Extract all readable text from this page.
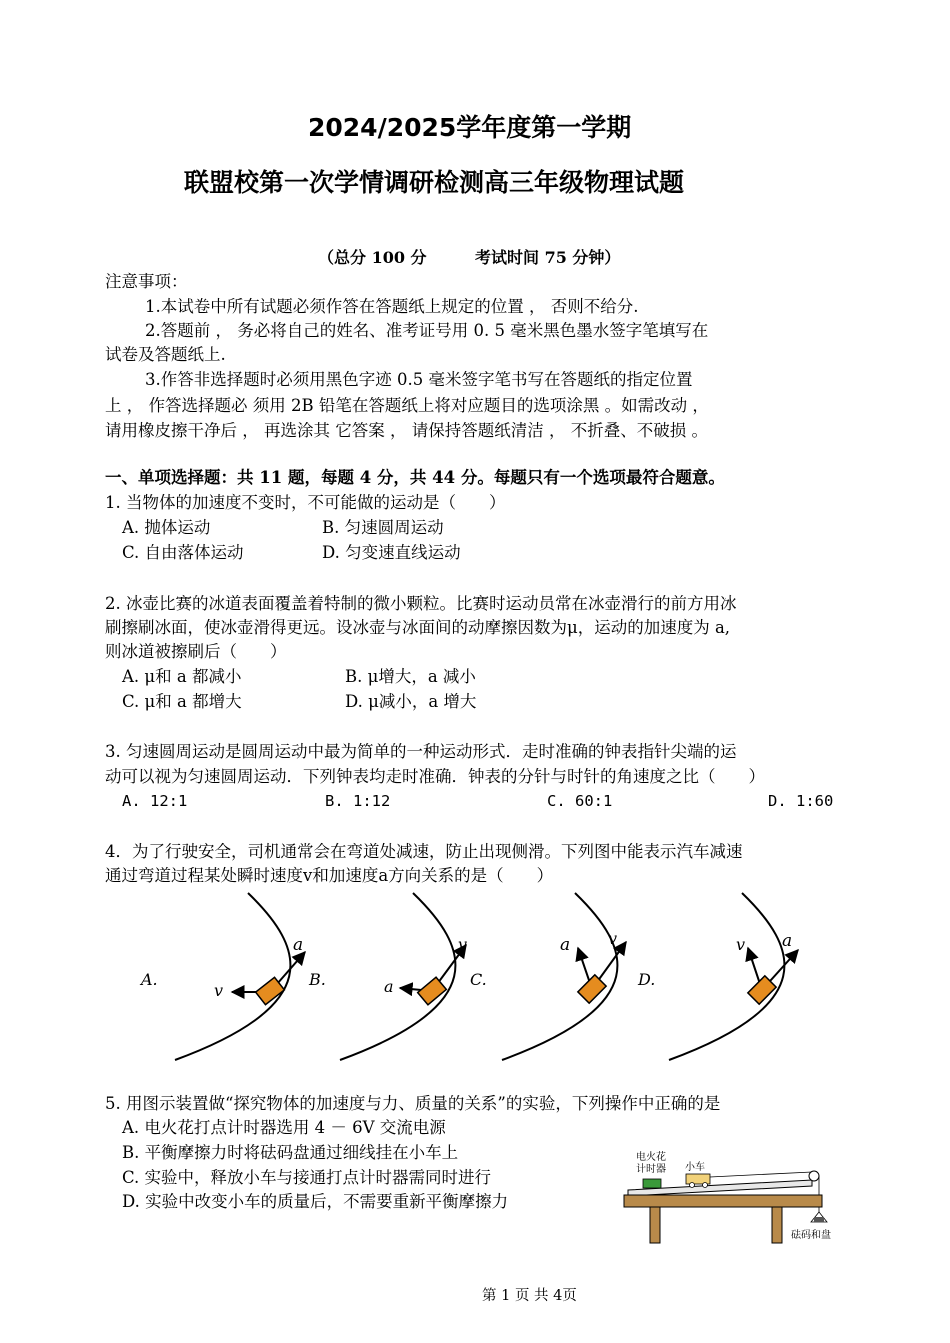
2024/2025学年度第一学期
联盟校第一次学情调研检测高三年级物理试题
（总分 100 分	考试时间 75 分钟）
注意事项：
1.本试卷中所有试题必须作答在答题纸上规定的位置 ， 否则不给分.
2.答题前 ， 务必将自己的姓名、准考证号用 0. 5 毫米黑色墨水签字笔填写在
试卷及答题纸上.
3.作答非选择题时必须用黑色字迹 0.5 毫米签字笔书写在答题纸的指定位置
上 ， 作答选择题必 须用 2B 铅笔在答题纸上将对应题目的选项涂黑 。如需改动 ，
请用橡皮擦干净后 ， 再选涂其 它答案 ， 请保持答题纸清洁 ， 不折叠、不破损 。
一、单项选择题：共 11 题，每题 4 分，共 44 分。每题只有一个选项最符合题意。
1. 当物体的加速度不变时，不可能做的运动是（　　）
A. 抛体运动	B. 匀速圆周运动
C. 自由落体运动	D. 匀变速直线运动
2. 冰壶比赛的冰道表面覆盖着特制的微小颗粒。比赛时运动员常在冰壶滑行的前方用冰
刷擦刷冰面，使冰壶滑得更远。设冰壶与冰面间的动摩擦因数为μ，运动的加速度为 a,
则冰道被擦刷后（　　）
A. μ和 a 都减小	B. μ增大，a 减小
C. μ和 a 都增大	D. μ减小，a 增大
3. 匀速圆周运动是圆周运动中最为简单的一种运动形式．走时准确的钟表指针尖端的运
动可以视为匀速圆周运动．下列钟表均走时准确．钟表的分针与时针的角速度之比（　　）
A. 12:1	B. 1:12	C. 60:1	D. 1:60
4．为了行驶安全，司机通常会在弯道处减速，防止出现侧滑。下列图中能表示汽车减速
通过弯道过程某处瞬时速度v和加速度a方向关系的是（　　）
A.
v
a
B.	a
v
C.
a v
D.
v a
5. 用图示装置做“探究物体的加速度与力、质量的关系”的实验，下列操作中正确的是
A. 电火花打点计时器选用 4 － 6V 交流电源
B. 平衡摩擦力时将砝码盘通过细线挂在小车上
C. 实验中，释放小车与接通打点计时器需同时进行
D. 实验中改变小车的质量后，不需要重新平衡摩擦力
电火花
计时器 小车
砝码和盘
第 1 页 共 4页
